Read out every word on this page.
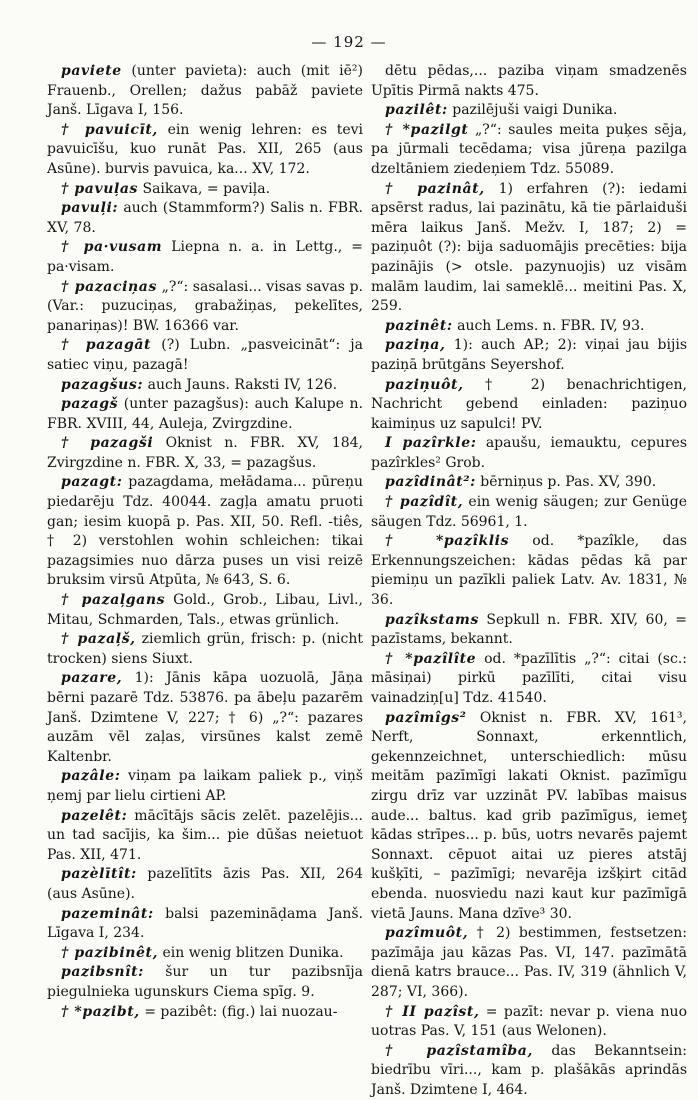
— 192 —

paviete (unter pavieta): auch (mit iē²) Frauenb., Orellen; dažus pabāž paviete Janš. Līgava I, 156.

† pavuicīt, ein wenig lehren: es tevi pavuicīšu, kuo runāt Pas. XII, 265 (aus Asūne). burvis pavuica, ka... XV, 172.

† pavuļas Saikava, = paviļa.

pavuļi: auch (Stammform?) Salis n. FBR. XV, 78.

† pa·vusam Liepna n. a. in Lettg., = pa·visam.

† pazaciņas „?“: sasalasi... visas savas p. (Var.: puzuciņas, grabažiņas, pekelītes, panariņas)! BW. 16366 var.

† pazagāt (?) Lubn. „pasveicināt“: ja satiec viņu, pazagā!

pazagšus: auch Jauns. Raksti IV, 126.

pazagš (unter pazagšus): auch Kalupe n. FBR. XVIII, 44, Auleja, Zvirgzdine.

† pazagši Oknist n. FBR. XV, 184, Zvirgzdine n. FBR. X, 33, = pazagšus.

pazagt: pazagdama, mełādama... pūreņu piedarēju Tdz. 40044. zagļa amatu pruoti gan; iesim kuopā p. Pas. XII, 50. Refl. -tiês, † 2) verstohlen wohin schleichen: tikai pazagsimies nuo dārza puses un visi reizē bruksim virsū Atpūta, № 643, S. 6.

† pazaļgans Gold., Grob., Libau, Livl., Mitau, Schmarden, Tals., etwas grünlich.

† pazaļš, ziemlich grün, frisch: p. (nicht trocken) siens Siuxt.

pazare, 1): Jānis kāpa uozuolā, Jāņa bērni pazarē Tdz. 53876. pa ābeļu pazarēm Janš. Dzimtene V, 227; † 6) „?“: pazares auzām vēl zaļas, virsūnes kalst zemē Kaltenbr.

pazâle: viņam pa laikam paliek p., viņš ņemj par lielu cirtieni AP.

pazelêt: mācītājs sācis zelēt. pazelējis... un tad sacījis, ka šim... pie dūšas neietuot Pas. XII, 471.

pazèlītît: pazelītīts āzis Pas. XII, 264 (aus Asūne).

pazeminât: balsi pazemināḍama Janš. Līgava I, 234.

† pazibinêt, ein wenig blitzen Dunika.

pazibsnît: šur un tur pazibsnīja piegulnieka ugunskurs Ciema spīg. 9.

† *pazibt, = pazibêt: (fig.) lai nuozau-

dētu pēdas,... paziba viņam smadzenēs Upītis Pirmā nakts 475.

pazilêt: pazilējuši vaigi Dunika.

† *pazilgt „?“: saules meita puķes sēja, pa jūrmali tecēdama; visa jūreņa pazilga dzeltāniem ziedeņiem Tdz. 55089.

† pazinât, 1) erfahren (?): iedami apsērst radus, lai pazinātu, kā tie pārlaiduši mēra laikus Janš. Mežv. I, 187; 2) = paziņuôt (?): bija saduomājis precēties: bija pazināјis (> otsle. pazynuojis) uz visām malām laudim, lai sameklē... meitini Pas. X, 259.

pazinêt: auch Lems. n. FBR. IV, 93.

paziņa, 1): auch AP.; 2): viņai jau bijis paziņā brūtgāns Seyershof.

paziņuôt, † 2) benachrichtigen, Nachricht gebend einladen: paziņuo kaimiņus uz sapulci! PV.

I pazîrkle: apaušu, iemauktu, cepures pazîrkles² Grob.

pazîdinât²: bērniņus p. Pas. XV, 390.

† pazîdît, ein wenig säugen; zur Genüge säugen Tdz. 56961, 1.

† *pazîklis od. *pazîkle, das Erkennungszeichen: kādas pēdas kā par piemiņu un pazīkli paliek Latv. Av. 1831, № 36.

pazîkstams Sepkull n. FBR. XIV, 60, = pazīstams, bekannt.

† *pazîlîte od. *pazīlītis „?“: citai (sc.: māsiņai) pirkū pazīlīti, citai visu vainadziņ[u] Tdz. 41540.

pazîmîgs² Oknist n. FBR. XV, 161³, Nerft, Sonnaxt, erkenntlich, gekennzeichnet, unterschiedlich: mūsu meitām pazīmīgi lakati Oknist. pazīmīgu zirgu drīz var uzzināt PV. labības maisus aude... baltus. kad grib pazīmīgus, iemeţ kādas strīpes... p. būs, uotrs nevarēs pajemt Sonnaxt. cēpuot aitai uz pieres atstāj kušķīti, – pazīmīgi; nevarēja izšķirt citād ebenda. nuosviedu nazi kaut kur pazīmīgā vietā Jauns. Mana dzīve³ 30.

pazîmuôt, † 2) bestimmen, festsetzen: pazīmāja jau kāzas Pas. VI, 147. pazīmātā dienā katrs brauce... Pas. IV, 319 (ähnlich V, 287; VI, 366).

† II pazîst, = pazīt: nevar p. viena nuo uotras Pas. V, 151 (aus Welonen).

† pazîstamîba, das Bekanntsein: biedrību vīri..., kam p. plašākās aprindās Janš. Dzimtene I, 464.
